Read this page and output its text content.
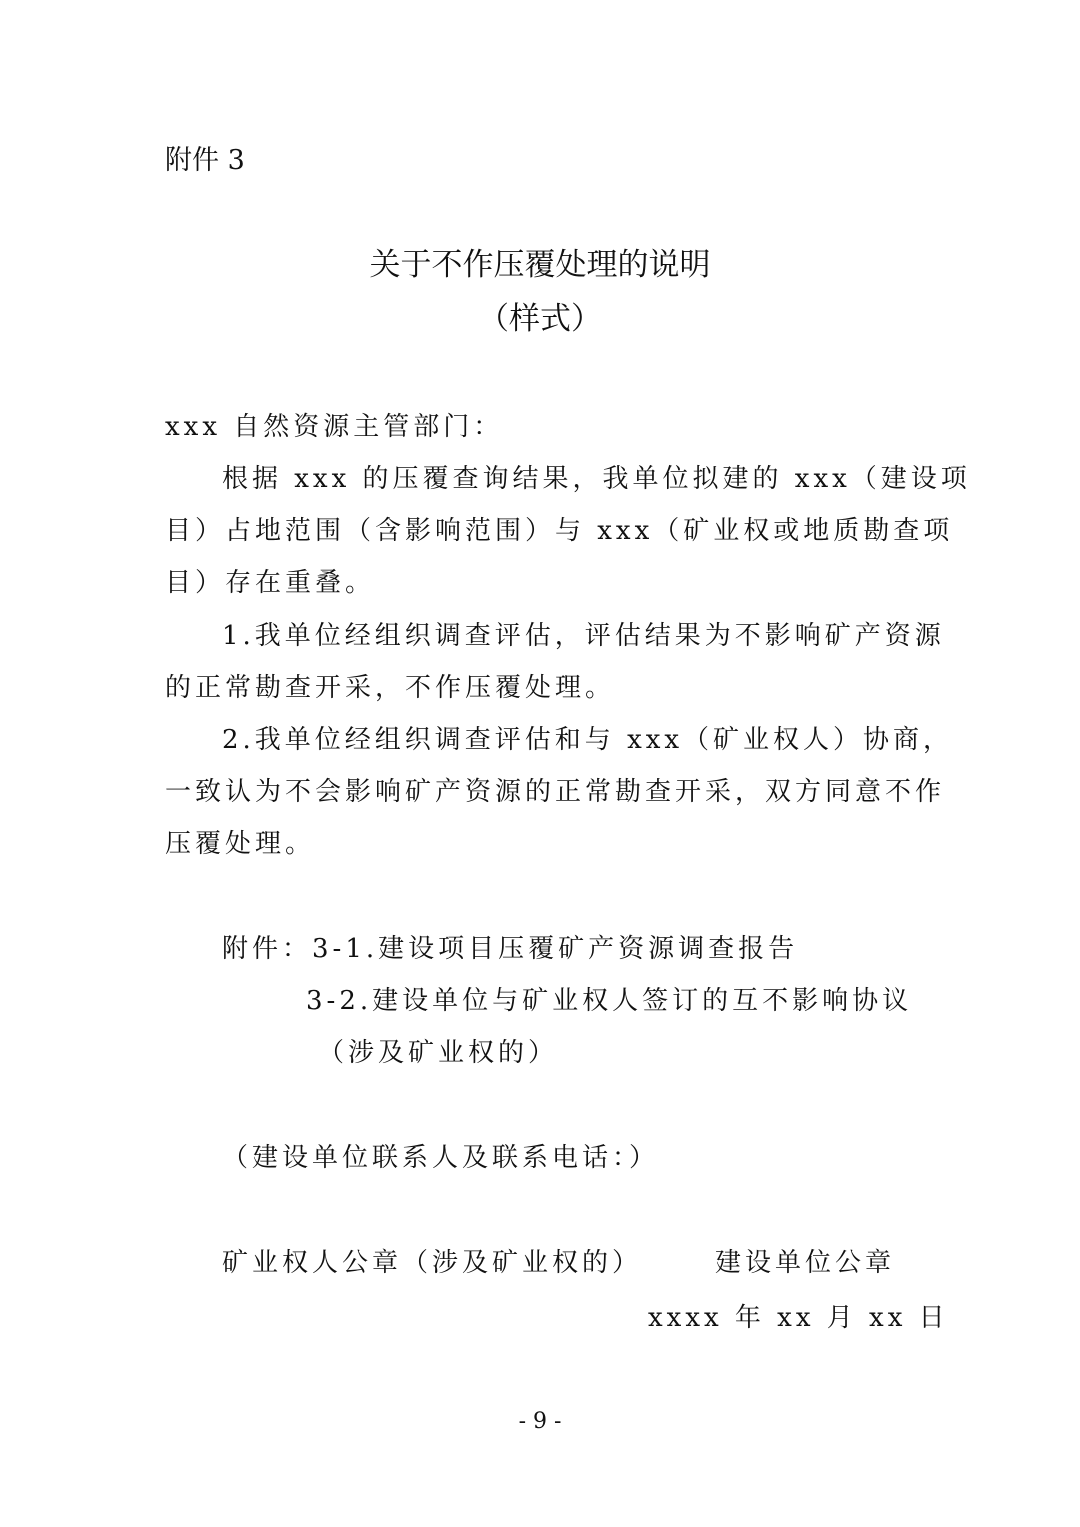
附件 3
关于不作压覆处理的说明
（样式）
xxx 自然资源主管部门：
根据 xxx 的压覆查询结果，我单位拟建的 xxx（建设项
目）占地范围（含影响范围）与 xxx（矿业权或地质勘查项
目）存在重叠。
1.我单位经组织调查评估，评估结果为不影响矿产资源
的正常勘查开采，不作压覆处理。
2.我单位经组织调查评估和与 xxx（矿业权人）协商，
一致认为不会影响矿产资源的正常勘查开采，双方同意不作
压覆处理。
附件：3-1.建设项目压覆矿产资源调查报告
3-2.建设单位与矿业权人签订的互不影响协议
（涉及矿业权的）
（建设单位联系人及联系电话：）
矿业权人公章（涉及矿业权的）	建设单位公章
xxxx 年 xx 月 xx 日
- 9 -
